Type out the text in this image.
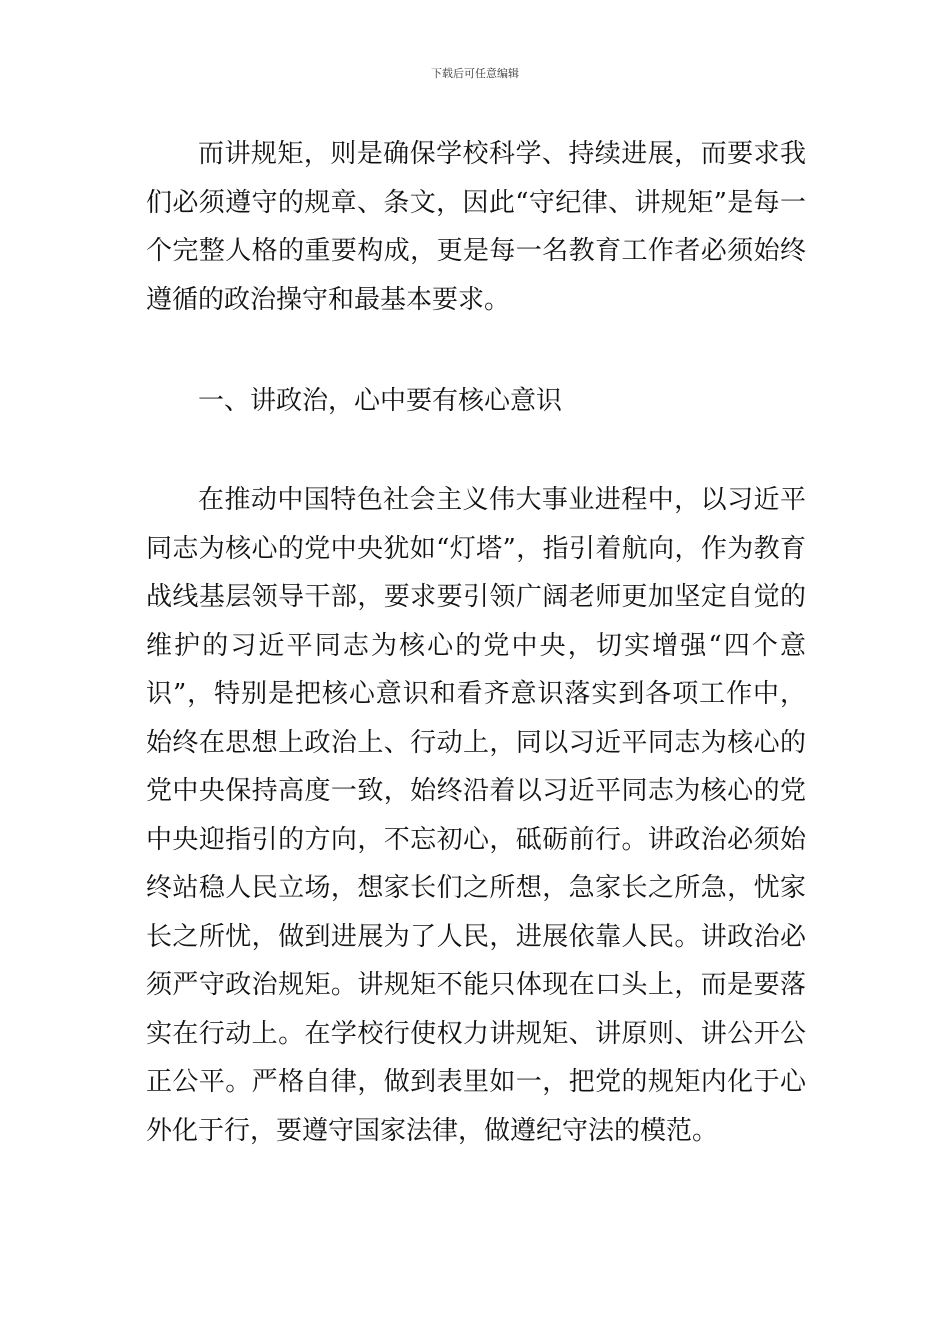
下载后可任意编辑

而讲规矩，则是确保学校科学、持续进展，而要求我们必须遵守的规章、条文，因此“守纪律、讲规矩”是每一个完整人格的重要构成，更是每一名教育工作者必须始终遵循的政治操守和最基本要求。

一、讲政治，心中要有核心意识

在推动中国特色社会主义伟大事业进程中，以习近平同志为核心的党中央犹如“灯塔”，指引着航向，作为教育战线基层领导干部，要求要引领广阔老师更加坚定自觉的维护的习近平同志为核心的党中央，切实增强“四个意识”，特别是把核心意识和看齐意识落实到各项工作中，始终在思想上政治上、行动上，同以习近平同志为核心的党中央保持高度一致，始终沿着以习近平同志为核心的党中央迎指引的方向，不忘初心，砥砺前行。讲政治必须始终站稳人民立场，想家长们之所想，急家长之所急，忧家长之所忧，做到进展为了人民，进展依靠人民。讲政治必须严守政治规矩。讲规矩不能只体现在口头上，而是要落实在行动上。在学校行使权力讲规矩、讲原则、讲公开公正公平。严格自律，做到表里如一，把党的规矩内化于心外化于行，要遵守国家法律，做遵纪守法的模范。
